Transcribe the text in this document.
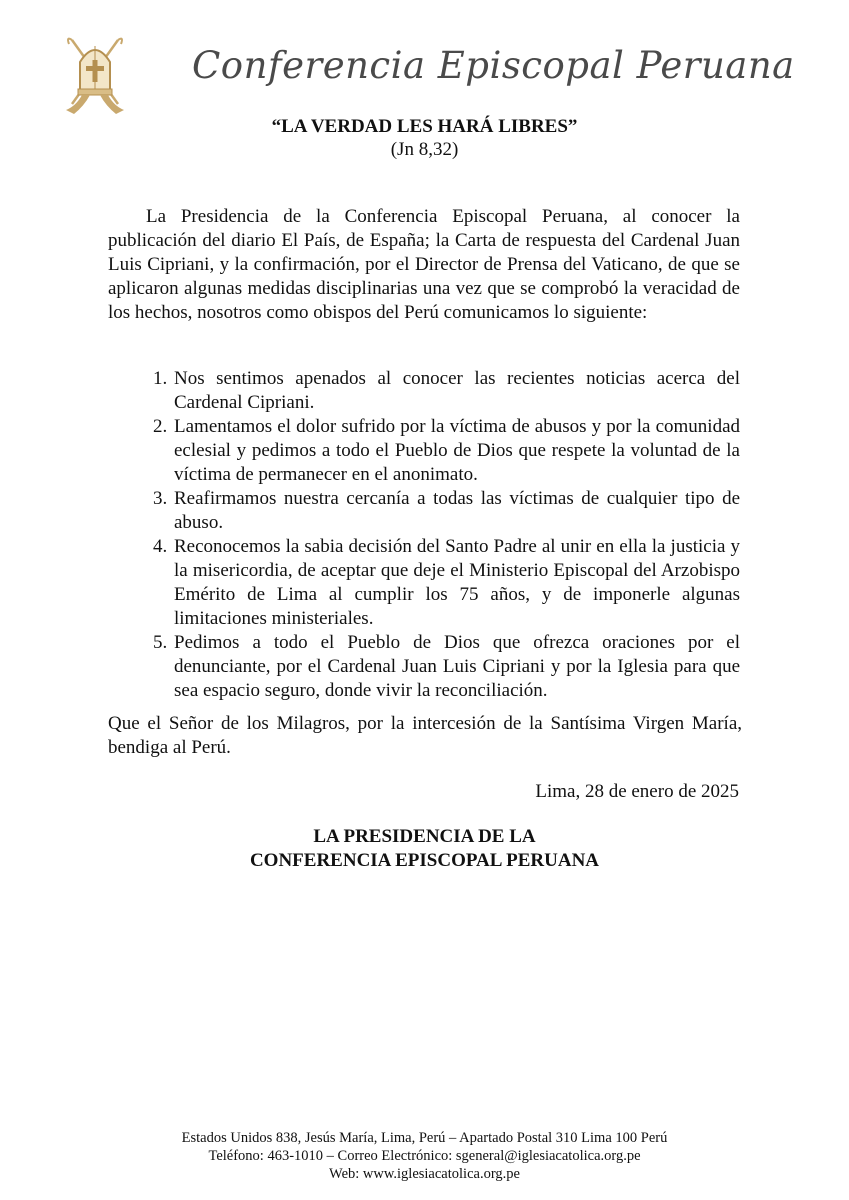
Conferencia Episcopal Peruana
“LA VERDAD LES HARÁ LIBRES”
(Jn 8,32)

La Presidencia de la Conferencia Episcopal Peruana, al conocer la publicación del diario El País, de España; la Carta de respuesta del Cardenal Juan Luis Cipriani, y la confirmación, por el Director de Prensa del Vaticano, de que se aplicaron algunas medidas disciplinarias una vez que se comprobó la veracidad de los hechos, nosotros como obispos del Perú comunicamos lo siguiente:

1. Nos sentimos apenados al conocer las recientes noticias acerca del Cardenal Cipriani.
2. Lamentamos el dolor sufrido por la víctima de abusos y por la comunidad eclesial y pedimos a todo el Pueblo de Dios que respete la voluntad de la víctima de permanecer en el anonimato.
3. Reafirmamos nuestra cercanía a todas las víctimas de cualquier tipo de abuso.
4. Reconocemos la sabia decisión del Santo Padre al unir en ella la justicia y la misericordia, de aceptar que deje el Ministerio Episcopal del Arzobispo Emérito de Lima al cumplir los 75 años, y de imponerle algunas limitaciones ministeriales.
5. Pedimos a todo el Pueblo de Dios que ofrezca oraciones por el denunciante, por el Cardenal Juan Luis Cipriani y por la Iglesia para que sea espacio seguro, donde vivir la reconciliación.

Que el Señor de los Milagros, por la intercesión de la Santísima Virgen María, bendiga al Perú.

Lima, 28 de enero de 2025
LA PRESIDENCIA DE LA
CONFERENCIA EPISCOPAL PERUANA
Estados Unidos 838, Jesús María, Lima, Perú – Apartado Postal 310 Lima 100 Perú
Teléfono: 463-1010 – Correo Electrónico: sgeneral@iglesiacatolica.org.pe
Web: www.iglesiacatolica.org.pe
